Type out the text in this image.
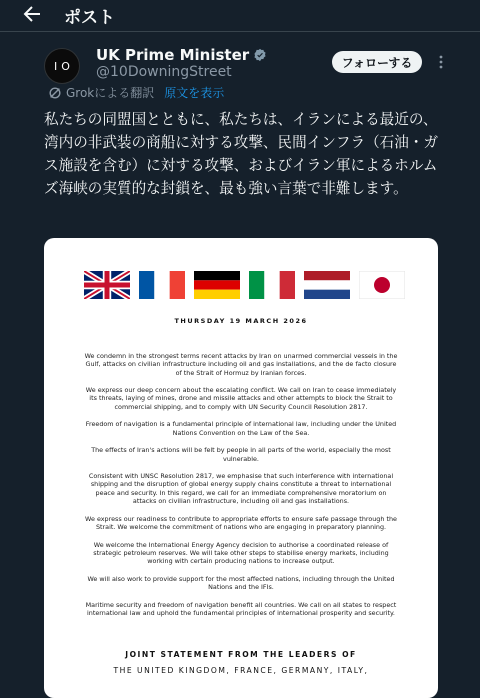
ポスト
IO
UK Prime Minister
@10DowningStreet
フォローする
Grokによる翻訳 原文を表示
私たちの同盟国とともに、私たちは、イランによる最近の、湾内の非武装の商船に対する攻撃、民間インフラ（石油・ガス施設を含む）に対する攻撃、およびイラン軍によるホルムズ海峡の実質的な封鎖を、最も強い言葉で非難します。
THURSDAY 19 MARCH 2026

We condemn in the strongest terms recent attacks by Iran on unarmed commercial vessels in the Gulf, attacks on civilian infrastructure including oil and gas installations, and the de facto closure of the Strait of Hormuz by Iranian forces.

We express our deep concern about the escalating conflict. We call on Iran to cease immediately its threats, laying of mines, drone and missile attacks and other attempts to block the Strait to commercial shipping, and to comply with UN Security Council Resolution 2817.

Freedom of navigation is a fundamental principle of international law, including under the United Nations Convention on the Law of the Sea.

The effects of Iran's actions will be felt by people in all parts of the world, especially the most vulnerable.

Consistent with UNSC Resolution 2817, we emphasise that such interference with international shipping and the disruption of global energy supply chains constitute a threat to international peace and security. In this regard, we call for an immediate comprehensive moratorium on attacks on civilian infrastructure, including oil and gas installations.

We express our readiness to contribute to appropriate efforts to ensure safe passage through the Strait. We welcome the commitment of nations who are engaging in preparatory planning.

We welcome the International Energy Agency decision to authorise a coordinated release of strategic petroleum reserves. We will take other steps to stabilise energy markets, including working with certain producing nations to increase output.

We will also work to provide support for the most affected nations, including through the United Nations and the IFIs.

Maritime security and freedom of navigation benefit all countries. We call on all states to respect international law and uphold the fundamental principles of international prosperity and security.

JOINT STATEMENT FROM THE LEADERS OF
THE UNITED KINGDOM, FRANCE, GERMANY, ITALY,
